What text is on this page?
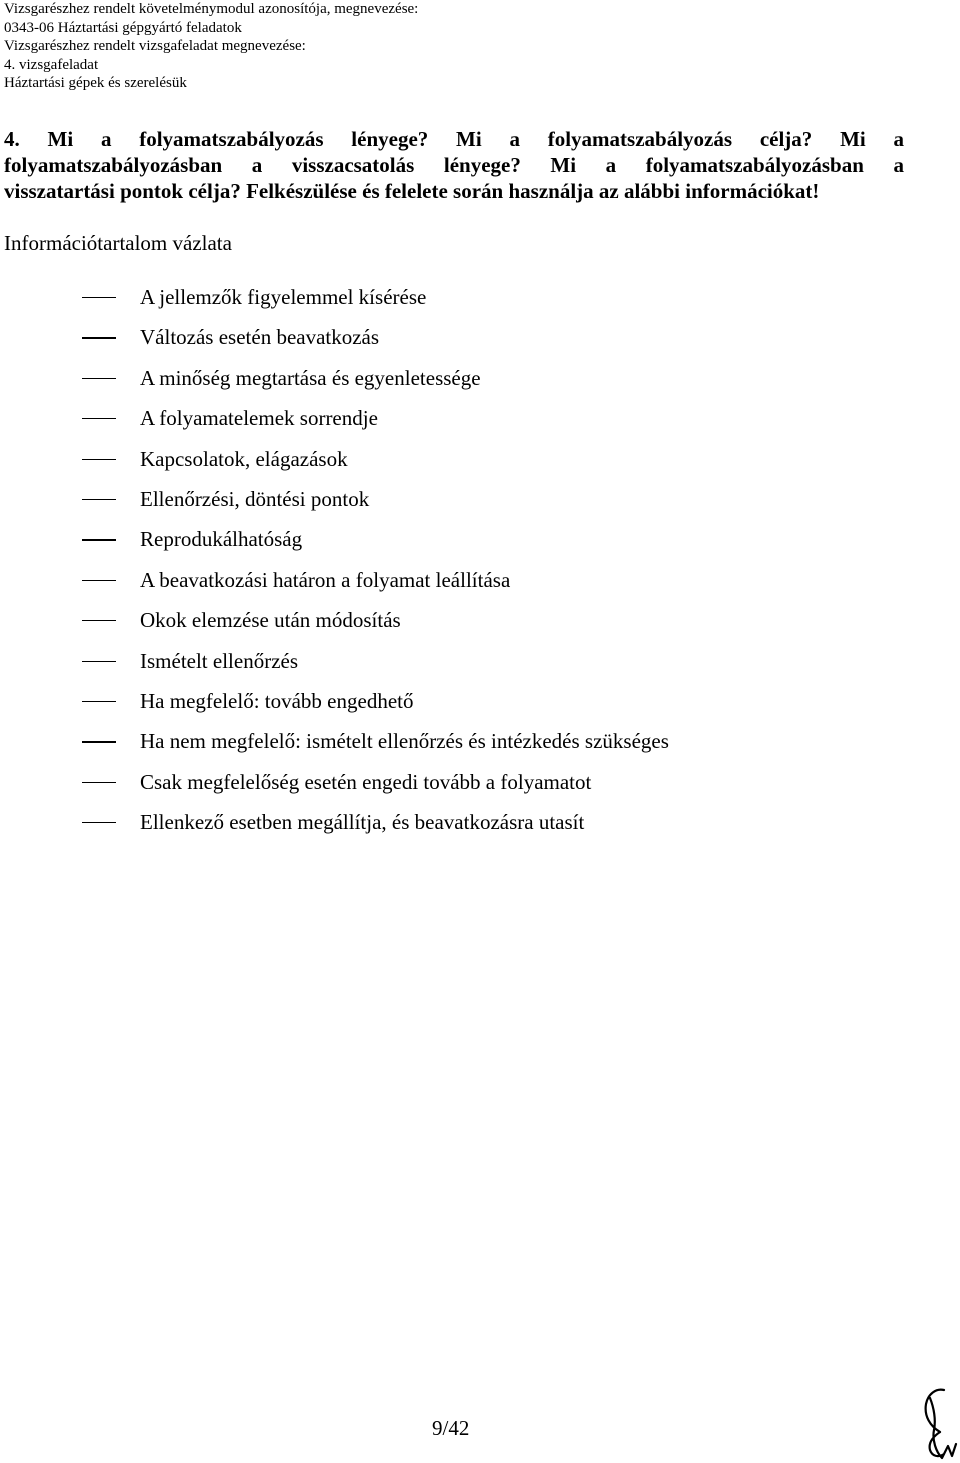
Vizsgarészhez rendelt követelménymodul azonosítója, megnevezése:
0343-06 Háztartási gépgyártó feladatok
Vizsgarészhez rendelt vizsgafeladat megnevezése:
4. vizsgafeladat
Háztartási gépek és szerelésük
4. Mi a folyamatszabályozás lényege? Mi a folyamatszabályozás célja? Mi a
folyamatszabályozásban a visszacsatolás lényege? Mi a folyamatszabályozásban a
visszatartási pontok célja? Felkészülése és felelete során használja az alábbi információkat!
Információtartalom vázlata
A jellemzők figyelemmel kísérése
Változás esetén beavatkozás
A minőség megtartása és egyenletessége
A folyamatelemek sorrendje
Kapcsolatok, elágazások
Ellenőrzési, döntési pontok
Reprodukálhatóság
A beavatkozási határon a folyamat leállítása
Okok elemzése után módosítás
Ismételt ellenőrzés
Ha megfelelő: tovább engedhető
Ha nem megfelelő: ismételt ellenőrzés és intézkedés szükséges
Csak megfelelőség esetén engedi tovább a folyamatot
Ellenkező esetben megállítja, és beavatkozásra utasít
9/42
